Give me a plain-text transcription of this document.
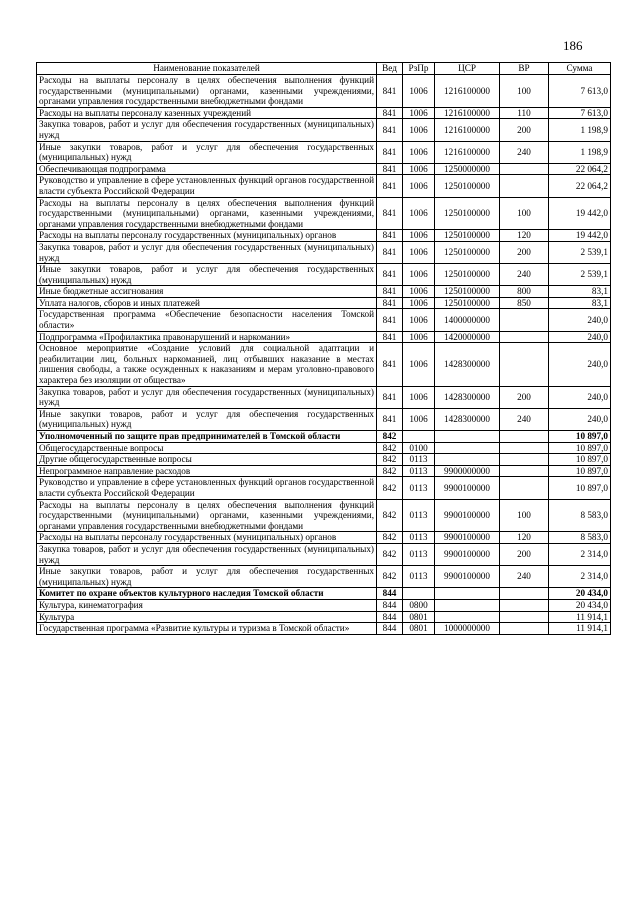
186
Наименование показателей	Вед	РзПр	ЦСР	ВР	Сумма
Расходы на выплаты персоналу в целях обеспечения выполнения функций государственными (муниципальными) органами, казенными учреждениями, органами управления государственными внебюджетными фондами	841	1006	1216100000	100	7 613,0
Расходы на выплаты персоналу казенных учреждений	841	1006	1216100000	110	7 613,0
Закупка товаров, работ и услуг для обеспечения государственных (муниципальных) нужд	841	1006	1216100000	200	1 198,9
Иные закупки товаров, работ и услуг для обеспечения государственных (муниципальных) нужд	841	1006	1216100000	240	1 198,9
Обеспечивающая подпрограмма	841	1006	1250000000		22 064,2
Руководство и управление в сфере установленных функций органов государственной власти субъекта Российской Федерации	841	1006	1250100000		22 064,2
Расходы на выплаты персоналу в целях обеспечения выполнения функций государственными (муниципальными) органами, казенными учреждениями, органами управления государственными внебюджетными фондами	841	1006	1250100000	100	19 442,0
Расходы на выплаты персоналу государственных (муниципальных) органов	841	1006	1250100000	120	19 442,0
Закупка товаров, работ и услуг для обеспечения государственных (муниципальных) нужд	841	1006	1250100000	200	2 539,1
Иные закупки товаров, работ и услуг для обеспечения государственных (муниципальных) нужд	841	1006	1250100000	240	2 539,1
Иные бюджетные ассигнования	841	1006	1250100000	800	83,1
Уплата налогов, сборов и иных платежей	841	1006	1250100000	850	83,1
Государственная программа «Обеспечение безопасности населения Томской области»	841	1006	1400000000		240,0
Подпрограмма «Профилактика правонарушений и наркомании»	841	1006	1420000000		240,0
Основное мероприятие «Создание условий для социальной адаптации и реабилитации лиц, больных наркоманией, лиц отбывших наказание в местах лишения свободы, а также осужденных к наказаниям и мерам уголовно-правового характера без изоляции от общества»	841	1006	1428300000		240,0
Закупка товаров, работ и услуг для обеспечения государственных (муниципальных) нужд	841	1006	1428300000	200	240,0
Иные закупки товаров, работ и услуг для обеспечения государственных (муниципальных) нужд	841	1006	1428300000	240	240,0
Уполномоченный по защите прав предпринимателей в Томской области	842				10 897,0
Общегосударственные вопросы	842	0100			10 897,0
Другие общегосударственные вопросы	842	0113			10 897,0
Непрограммное направление расходов	842	0113	9900000000		10 897,0
Руководство и управление в сфере установленных функций органов государственной власти субъекта Российской Федерации	842	0113	9900100000		10 897,0
Расходы на выплаты персоналу в целях обеспечения выполнения функций государственными (муниципальными) органами, казенными учреждениями, органами управления государственными внебюджетными фондами	842	0113	9900100000	100	8 583,0
Расходы на выплаты персоналу государственных (муниципальных) органов	842	0113	9900100000	120	8 583,0
Закупка товаров, работ и услуг для обеспечения государственных (муниципальных) нужд	842	0113	9900100000	200	2 314,0
Иные закупки товаров, работ и услуг для обеспечения государственных (муниципальных) нужд	842	0113	9900100000	240	2 314,0
Комитет по охране объектов культурного наследия Томской области	844				20 434,0
Культура, кинематография	844	0800			20 434,0
Культура	844	0801			11 914,1
Государственная программа «Развитие культуры и туризма в Томской области»	844	0801	1000000000		11 914,1
